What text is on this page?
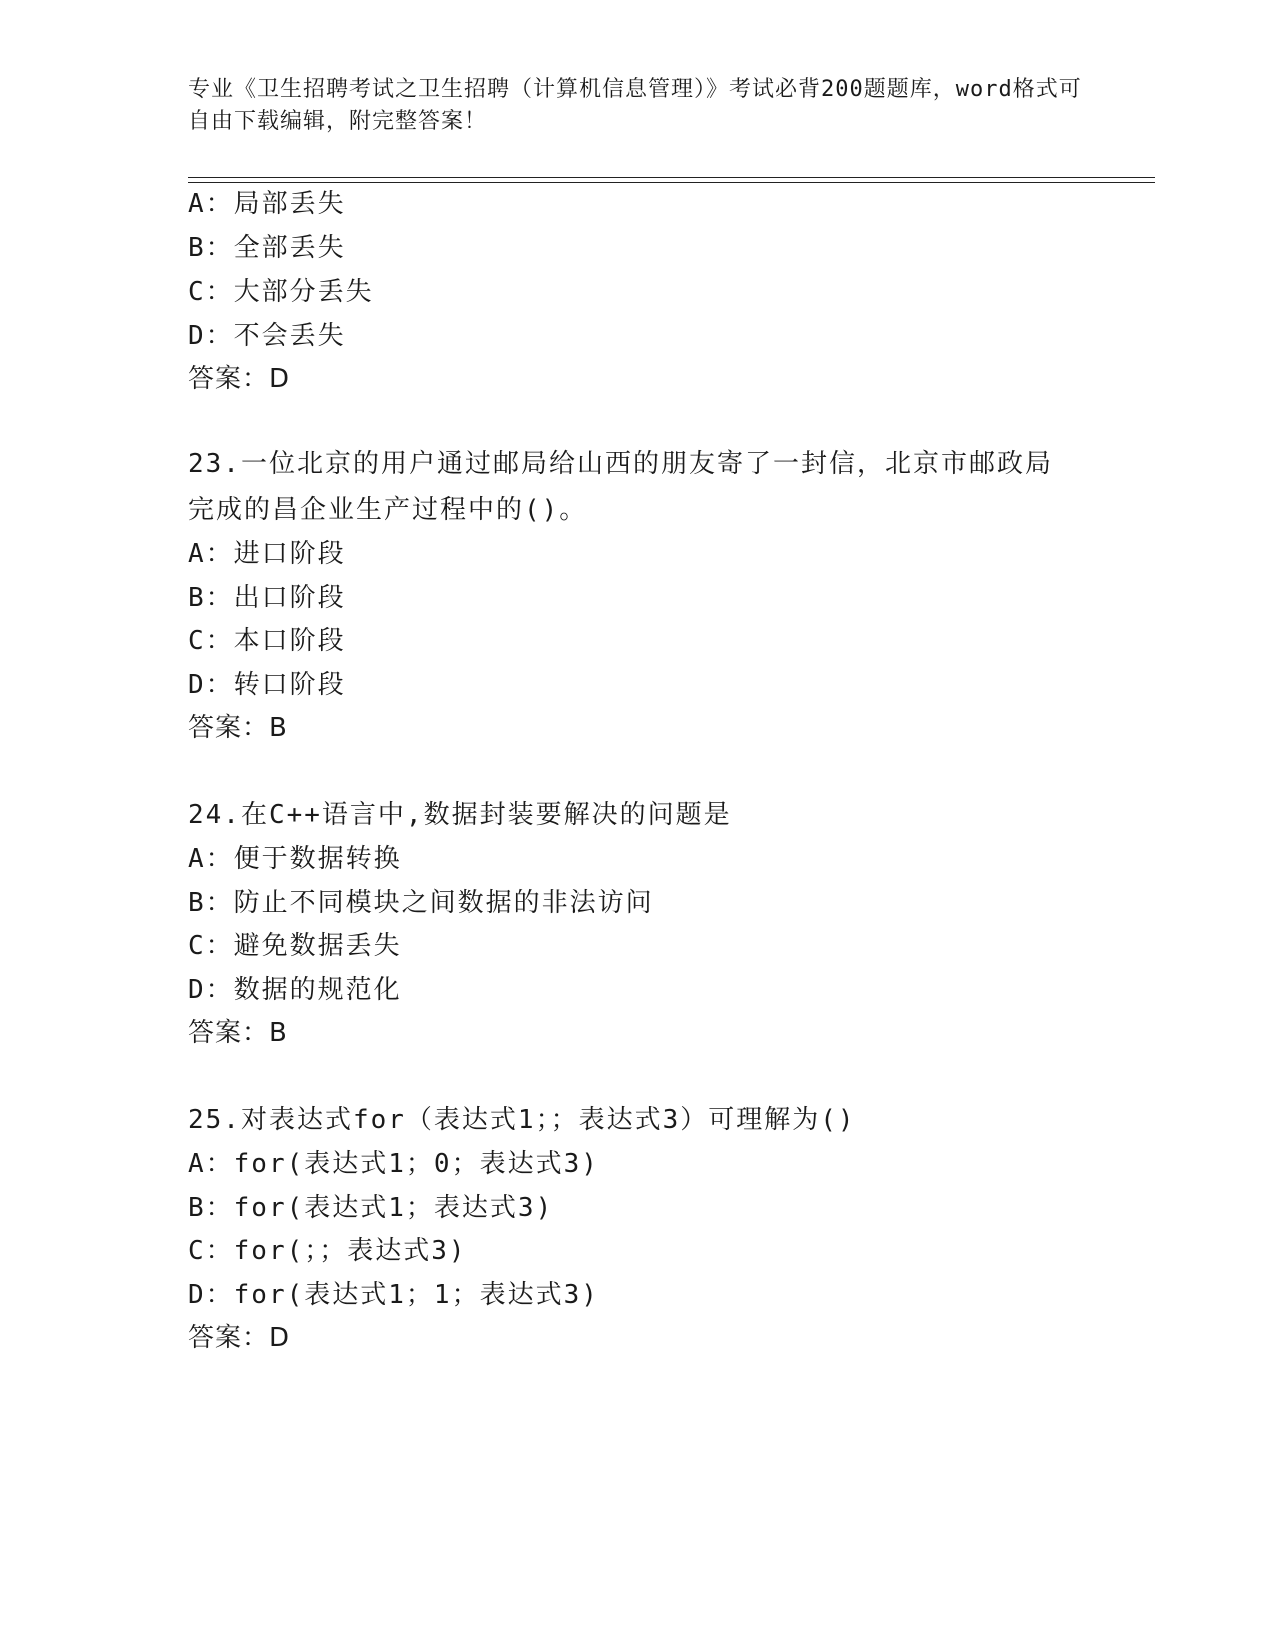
专业《卫生招聘考试之卫生招聘（计算机信息管理）》考试必背200题题库，word格式可自由下载编辑，附完整答案！
A：局部丢失
B：全部丢失
C：大部分丢失
D：不会丢失
答案：D
23.一位北京的用户通过邮局给山西的朋友寄了一封信，北京市邮政局完成的昌企业生产过程中的()。
A：进口阶段
B：出口阶段
C：本口阶段
D：转口阶段
答案：B
24.在C++语言中,数据封装要解决的问题是
A：便于数据转换
B：防止不同模块之间数据的非法访问
C：避免数据丢失
D：数据的规范化
答案：B
25.对表达式for（表达式1；；表达式3）可理解为()
A：for(表达式1；0；表达式3)
B：for(表达式1；表达式3)
C：for(；；表达式3)
D：for(表达式1；1；表达式3)
答案：D
